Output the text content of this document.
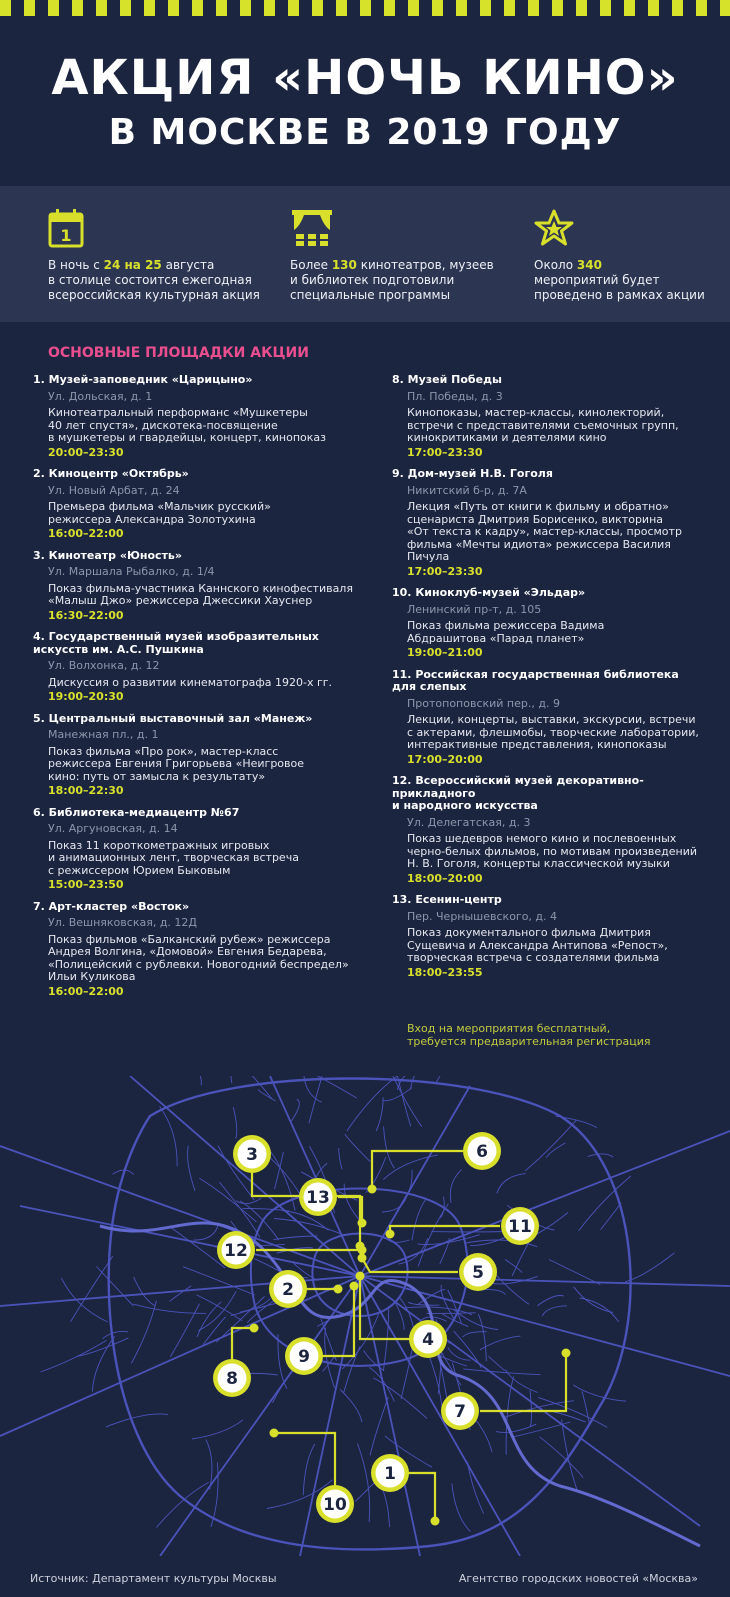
АКЦИЯ «НОЧЬ КИНО»
В МОСКВЕ В 2019 ГОДУ
1
В ночь с 24 на 25 августа
в столице состоится ежегодная
всероссийская культурная акция
Более 130 кинотеатров, музеев
и библиотек подготовили
специальные программы
Около 340
мероприятий будет
проведено в рамках акции
ОСНОВНЫЕ ПЛОЩАДКИ АКЦИИ
1. Музей-заповедник «Царицыно»
Ул. Дольская, д. 1
Кинотеатральный перформанс «Мушкетеры
40 лет спустя», дискотека-посвящение
в мушкетеры и гвардейцы, концерт, кинопоказ
20:00–23:30
2. Киноцентр «Октябрь»
Ул. Новый Арбат, д. 24
Премьера фильма «Мальчик русский»
режиссера Александра Золотухина
16:00–22:00
3. Кинотеатр «Юность»
Ул. Маршала Рыбалко, д. 1/4
Показ фильма-участника Каннского кинофестиваля
«Малыш Джо» режиссера Джессики Хауснер
16:30–22:00
4. Государственный музей изобразительных
искусств им. А.С. Пушкина
Ул. Волхонка, д. 12
Дискуссия о развитии кинематографа 1920-х гг.
19:00–20:30
5. Центральный выставочный зал «Манеж»
Манежная пл., д. 1
Показ фильма «Про рок», мастер-класс
режиссера Евгения Григорьева «Неигровое
кино: путь от замысла к результату»
18:00–22:30
6. Библиотека-медиацентр №67
Ул. Аргуновская, д. 14
Показ 11 короткометражных игровых
и анимационных лент, творческая встреча
с режиссером Юрием Быковым
15:00–23:50
7. Арт-кластер «Восток»
Ул. Вешняковская, д. 12Д
Показ фильмов «Балканский рубеж» режиссера
Андрея Волгина, «Домовой» Евгения Бедарева,
«Полицейский с рублевки. Новогодний беспредел»
Ильи Куликова
16:00–22:00
8. Музей Победы
Пл. Победы, д. 3
Кинопоказы, мастер-классы, кинолекторий,
встречи с представителями съемочных групп,
кинокритиками и деятелями кино
17:00–23:30
9. Дом-музей Н.В. Гоголя
Никитский б-р, д. 7А
Лекция «Путь от книги к фильму и обратно»
сценариста Дмитрия Борисенко, викторина
«От текста к кадру», мастер-классы, просмотр
фильма «Мечты идиота» режиссера Василия Пичула
17:00–23:30
10. Киноклуб-музей «Эльдар»
Ленинский пр-т, д. 105
Показ фильма режиссера Вадима
Абдрашитова «Парад планет»
19:00–21:00
11. Российская государственная библиотека для слепых
Протопоповский пер., д. 9
Лекции, концерты, выставки, экскурсии, встречи
с актерами, флешмобы, творческие лаборатории,
интерактивные представления, кинопоказы
17:00–20:00
12. Всероссийский музей декоративно-прикладного
и народного искусства
Ул. Делегатская, д. 3
Показ шедевров немого кино и послевоенных
черно-белых фильмов, по мотивам произведений
Н. В. Гоголя, концерты классической музыки
18:00–20:00
13. Есенин-центр
Пер. Чернышевского, д. 4
Показ документального фильма Дмитрия
Сущевича и Александра Антипова «Репост»,
творческая встреча с создателями фильма
18:00–23:55
Вход на мероприятия бесплатный,
требуется предварительная регистрация
1
2
3
4
5
6
7
8
9
10
11
12
13
Источник: Департамент культуры Москвы	Агентство городских новостей «Москва»
